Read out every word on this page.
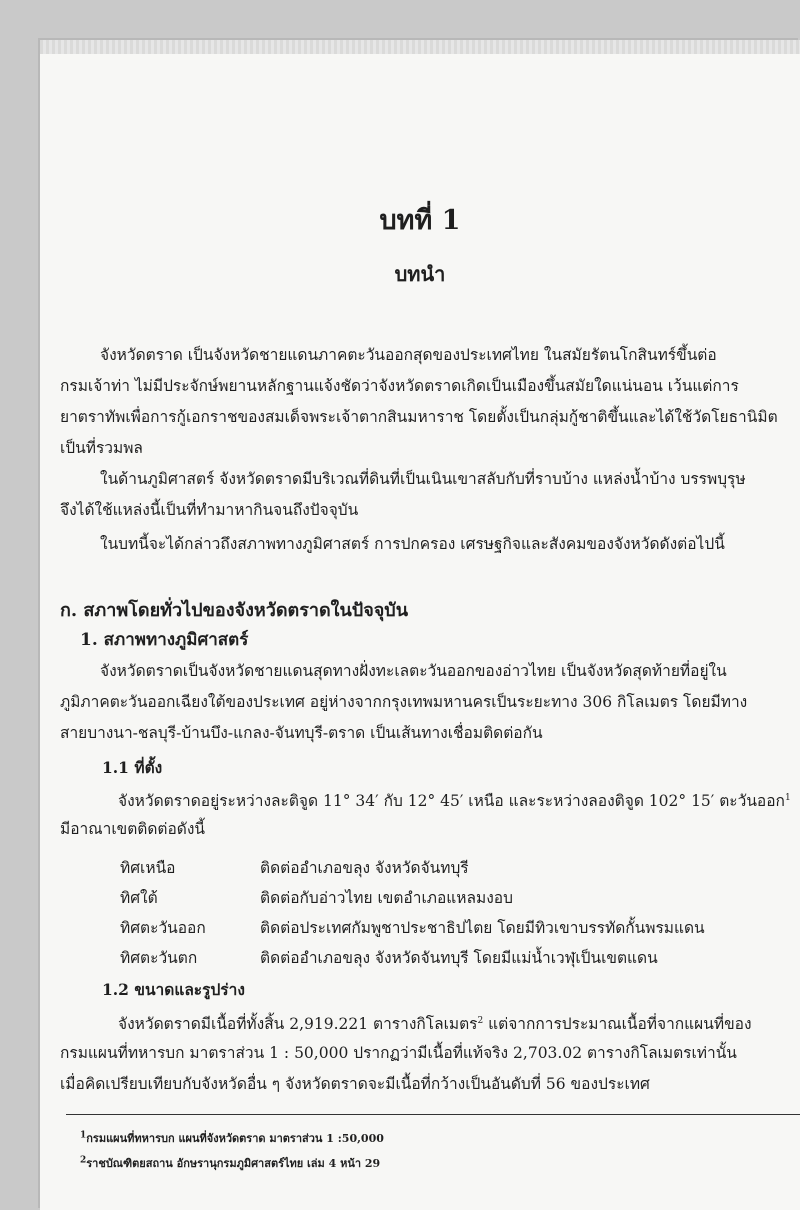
บทที่ 1
บทนำ
จังหวัดตราด เป็นจังหวัดชายแดนภาคตะวันออกสุดของประเทศไทย ในสมัยรัตนโกสินทร์ขึ้นต่อ
กรมเจ้าท่า ไม่มีประจักษ์พยานหลักฐานแจ้งชัดว่าจังหวัดตราดเกิดเป็นเมืองขึ้นสมัยใดแน่นอน เว้นแต่การ
ยาตราทัพเพื่อการกู้เอกราชของสมเด็จพระเจ้าตากสินมหาราช โดยตั้งเป็นกลุ่มกู้ชาติขึ้นและได้ใช้วัดโยธานิมิต
เป็นที่รวมพล
ในด้านภูมิศาสตร์ จังหวัดตราดมีบริเวณที่ดินที่เป็นเนินเขาสลับกับที่ราบบ้าง แหล่งน้ำบ้าง บรรพบุรุษ
จึงได้ใช้แหล่งนี้เป็นที่ทำมาหากินจนถึงปัจจุบัน
ในบทนี้จะได้กล่าวถึงสภาพทางภูมิศาสตร์ การปกครอง เศรษฐกิจและสังคมของจังหวัดดังต่อไปนี้
ก. สภาพโดยทั่วไปของจังหวัดตราดในปัจจุบัน
1. สภาพทางภูมิศาสตร์
จังหวัดตราดเป็นจังหวัดชายแดนสุดทางฝั่งทะเลตะวันออกของอ่าวไทย เป็นจังหวัดสุดท้ายที่อยู่ใน
ภูมิภาคตะวันออกเฉียงใต้ของประเทศ อยู่ห่างจากกรุงเทพมหานครเป็นระยะทาง 306 กิโลเมตร โดยมีทาง
สายบางนา-ชลบุรี-บ้านบึง-แกลง-จันทบุรี-ตราด เป็นเส้นทางเชื่อมติดต่อกัน
1.1 ที่ตั้ง
จังหวัดตราดอยู่ระหว่างละติจูด 11° 34′ กับ 12° 45′ เหนือ และระหว่างลองติจูด 102° 15′ ตะวันออก$^1$
มีอาณาเขตติดต่อดังนี้
ทิศเหนือ	ติดต่ออำเภอขลุง จังหวัดจันทบุรี
ทิศใต้	ติดต่อกับอ่าวไทย เขตอำเภอแหลมงอบ
ทิศตะวันออก	ติดต่อประเทศกัมพูชาประชาธิปไตย โดยมีทิวเขาบรรทัดกั้นพรมแดน
ทิศตะวันตก	ติดต่ออำเภอขลุง จังหวัดจันทบุรี โดยมีแม่น้ำเวฬุเป็นเขตแดน
1.2 ขนาดและรูปร่าง
จังหวัดตราดมีเนื้อที่ทั้งสิ้น 2,919.221 ตารางกิโลเมตร$^2$ แต่จากการประมาณเนื้อที่จากแผนที่ของ
กรมแผนที่ทหารบก มาตราส่วน 1 : 50,000 ปรากฏว่ามีเนื้อที่แท้จริง 2,703.02 ตารางกิโลเมตรเท่านั้น
เมื่อคิดเปรียบเทียบกับจังหวัดอื่น ๆ จังหวัดตราดจะมีเนื้อที่กว้างเป็นอันดับที่ 56 ของประเทศ
$^1$กรมแผนที่ทหารบก แผนที่จังหวัดตราด มาตราส่วน 1 :50,000
$^2$ราชบัณฑิตยสถาน อักษรานุกรมภูมิศาสตร์ไทย เล่ม 4 หน้า 29
